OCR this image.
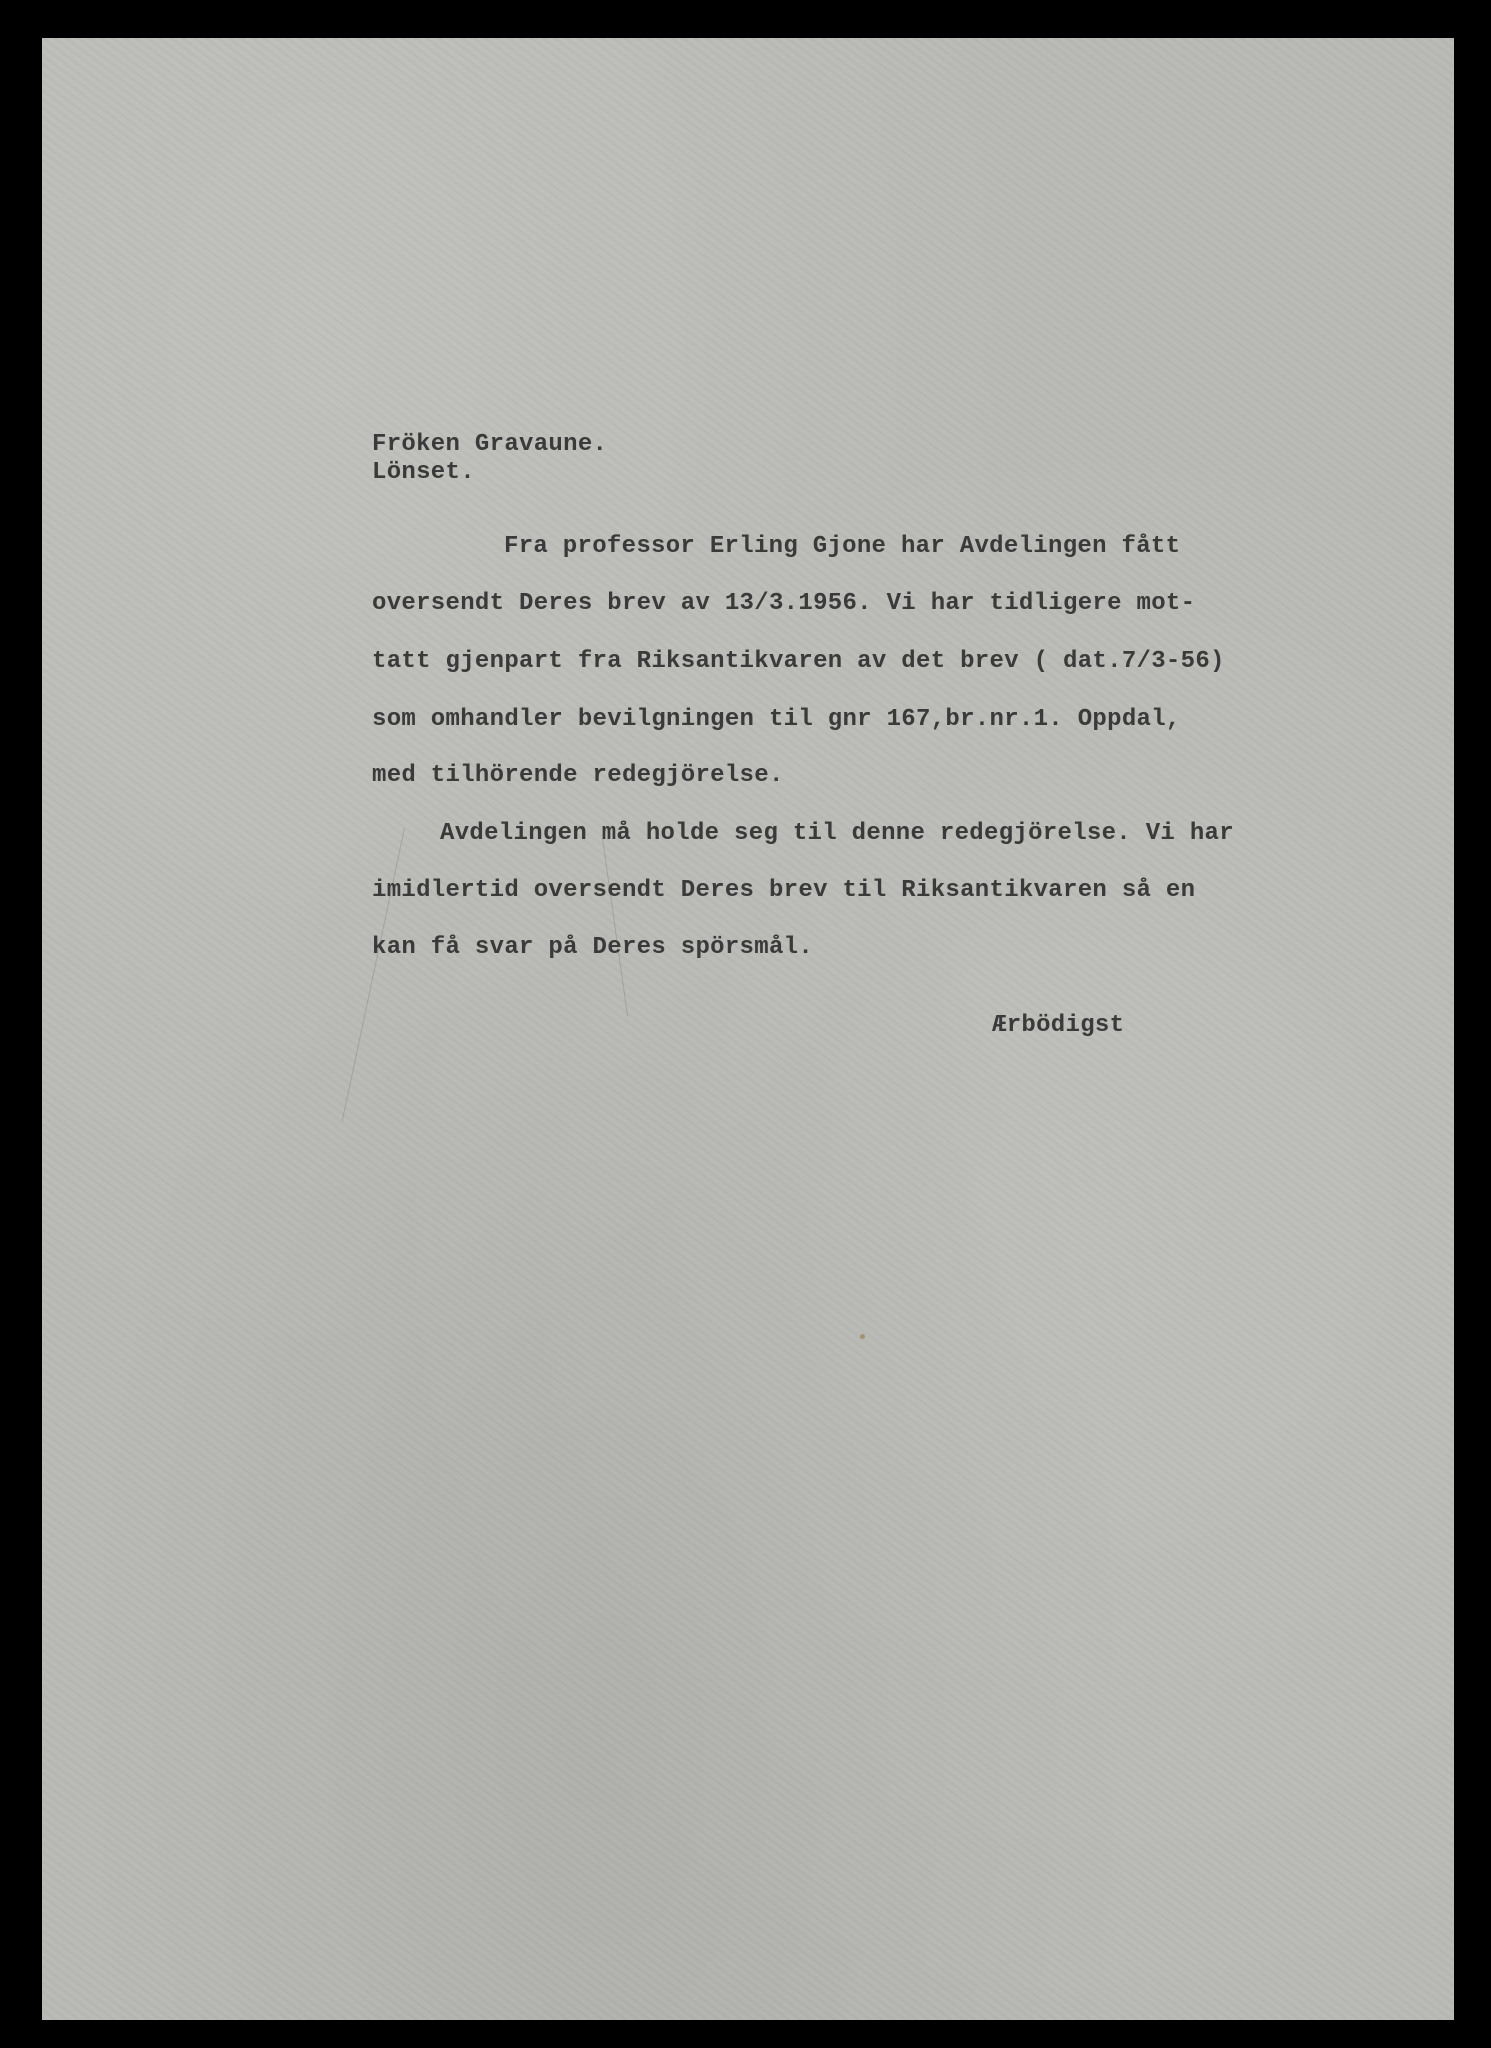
Fröken Gravaune.

Lönset.

Fra professor Erling Gjone har Avdelingen fått

oversendt Deres brev av 13/3.1956. Vi har tidligere mot-

tatt gjenpart fra Riksantikvaren av det brev ( dat.7/3-56)

som omhandler bevilgningen til gnr 167,br.nr.1. Oppdal,

med tilhörende redegjörelse.

Avdelingen må holde seg til denne redegjörelse. Vi har

imidlertid oversendt Deres brev til Riksantikvaren så en

kan få svar på Deres spörsmål.

Ærbödigst
